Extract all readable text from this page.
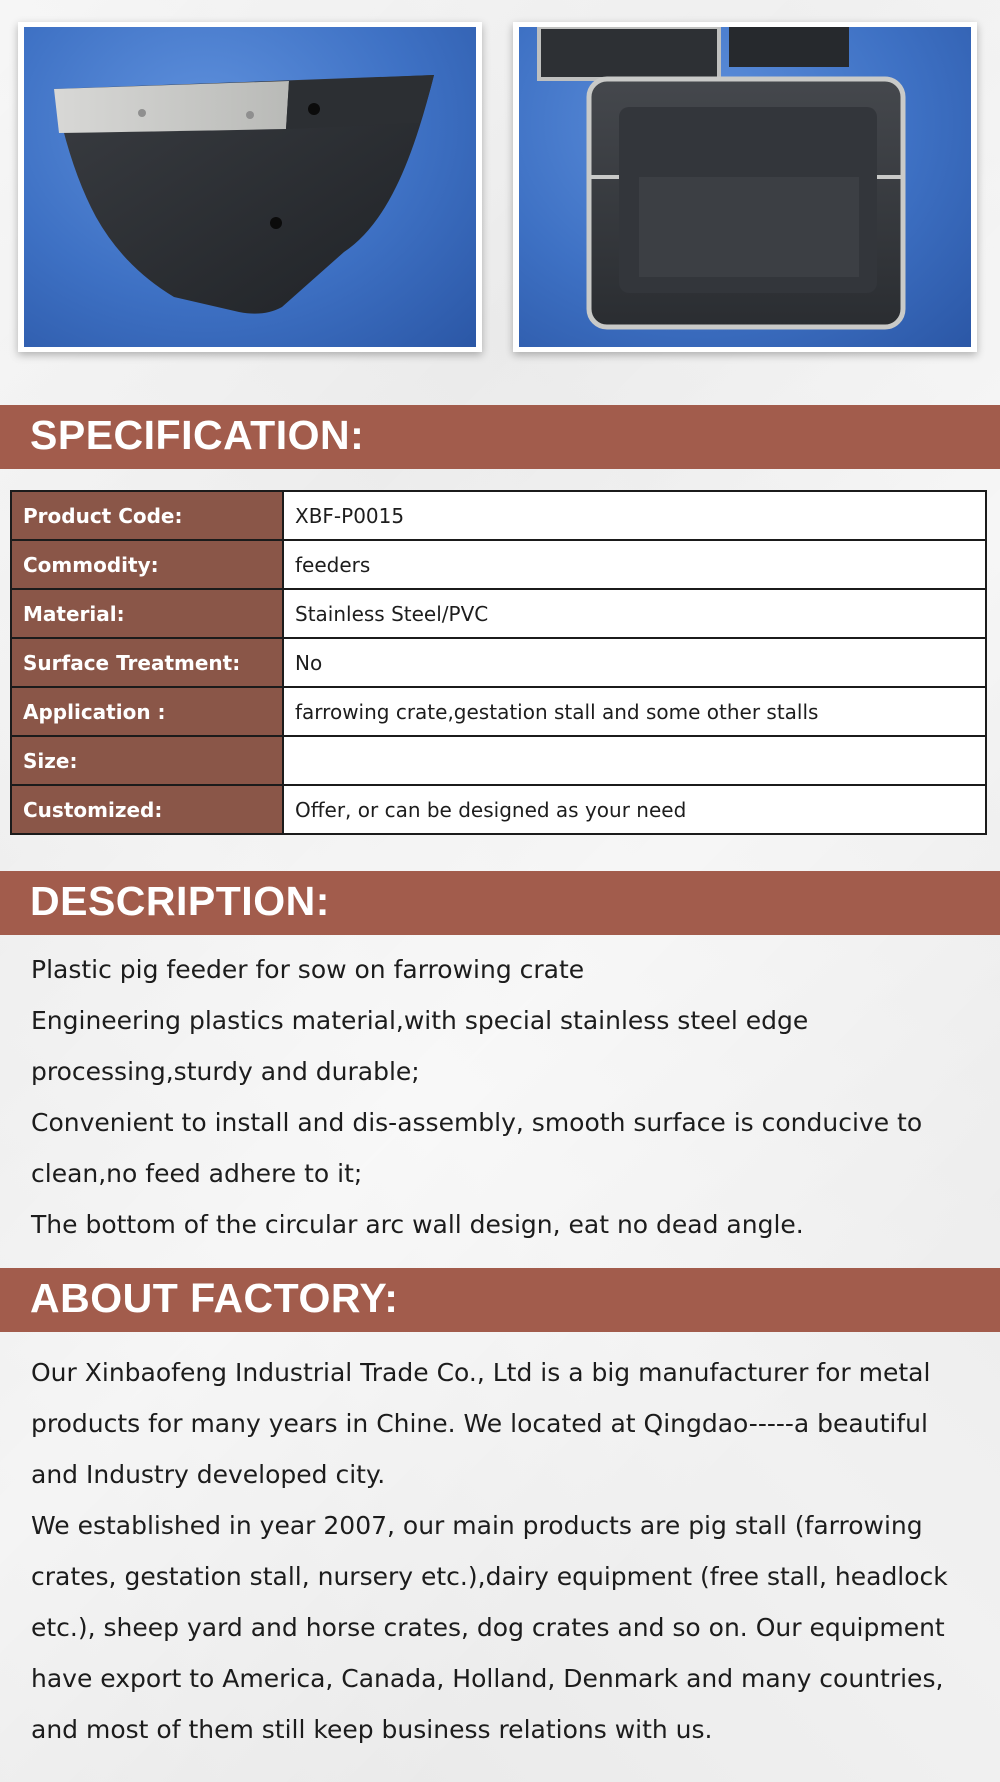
SPECIFICATION:
Product Code:	XBF-P0015
Commodity:	feeders
Material:	Stainless Steel/PVC
Surface Treatment:	No
Application :	farrowing crate,gestation stall and some other stalls
Size:	
Customized:	Offer, or can be designed as your need
DESCRIPTION:

Plastic pig feeder for sow on farrowing crate

Engineering plastics material,with special stainless steel edge processing,sturdy and durable;

Convenient to install and dis-assembly, smooth surface is conducive to clean,no feed adhere to it;

The bottom of the circular arc wall design, eat no dead angle.

ABOUT FACTORY:

Our Xinbaofeng Industrial Trade Co., Ltd is a big manufacturer for metal products for many years in Chine. We located at Qingdao-----a beautiful and Industry developed city.

We established in year 2007, our main products are pig stall (farrowing crates, gestation stall, nursery etc.),dairy equipment (free stall, headlock etc.), sheep yard and horse crates, dog crates and so on. Our equipment have export to America, Canada, Holland, Denmark and many countries, and most of them still keep business relations with us.
